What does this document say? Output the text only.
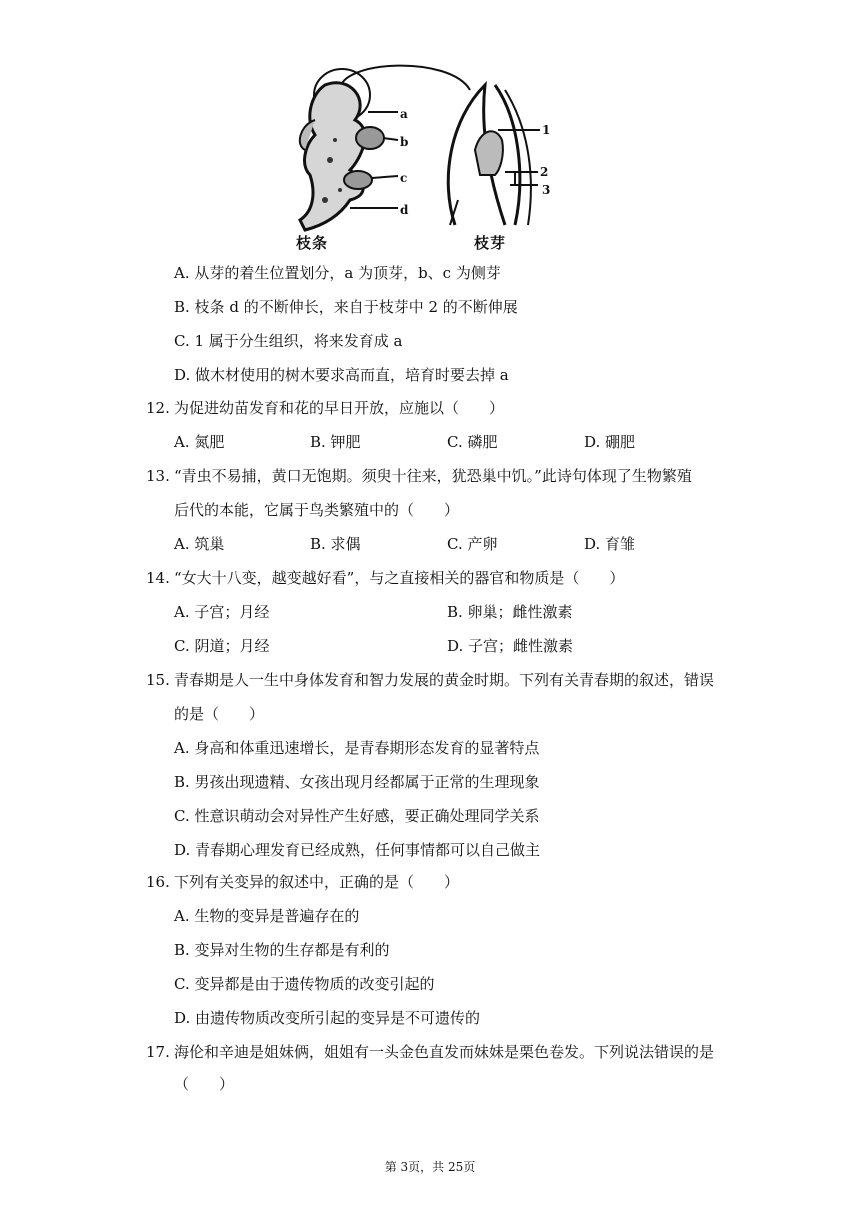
a
b
c
d
1
2
3
枝条	枝芽
A. 从芽的着生位置划分，a 为顶芽，b、c 为侧芽
B. 枝条 d 的不断伸长，来自于枝芽中 2 的不断伸展
C. 1 属于分生组织，将来发育成 a
D. 做木材使用的树木要求高而直，培育时要去掉 a
12. 为促进幼苗发育和花的早日开放，应施以（　　）
A. 氮肥	B. 钾肥	C. 磷肥	D. 硼肥
13. “青虫不易捕，黄口无饱期。须臾十往来，犹恐巢中饥。”此诗句体现了生物繁殖
后代的本能，它属于鸟类繁殖中的（　　）
A. 筑巢	B. 求偶	C. 产卵	D. 育雏
14. “女大十八变，越变越好看”，与之直接相关的器官和物质是（　　）
A. 子宫；月经	B. 卵巢；雌性激素
C. 阴道；月经	D. 子宫；雌性激素
15. 青春期是人一生中身体发育和智力发展的黄金时期。下列有关青春期的叙述，错误
的是（　　）
A. 身高和体重迅速增长，是青春期形态发育的显著特点
B. 男孩出现遗精、女孩出现月经都属于正常的生理现象
C. 性意识萌动会对异性产生好感，要正确处理同学关系
D. 青春期心理发育已经成熟，任何事情都可以自己做主
16. 下列有关变异的叙述中，正确的是（　　）
A. 生物的变异是普遍存在的
B. 变异对生物的生存都是有利的
C. 变异都是由于遗传物质的改变引起的
D. 由遗传物质改变所引起的变异是不可遗传的
17. 海伦和辛迪是姐妹俩，姐姐有一头金色直发而妹妹是栗色卷发。下列说法错误的是
（　　）
第 3页，共 25页
